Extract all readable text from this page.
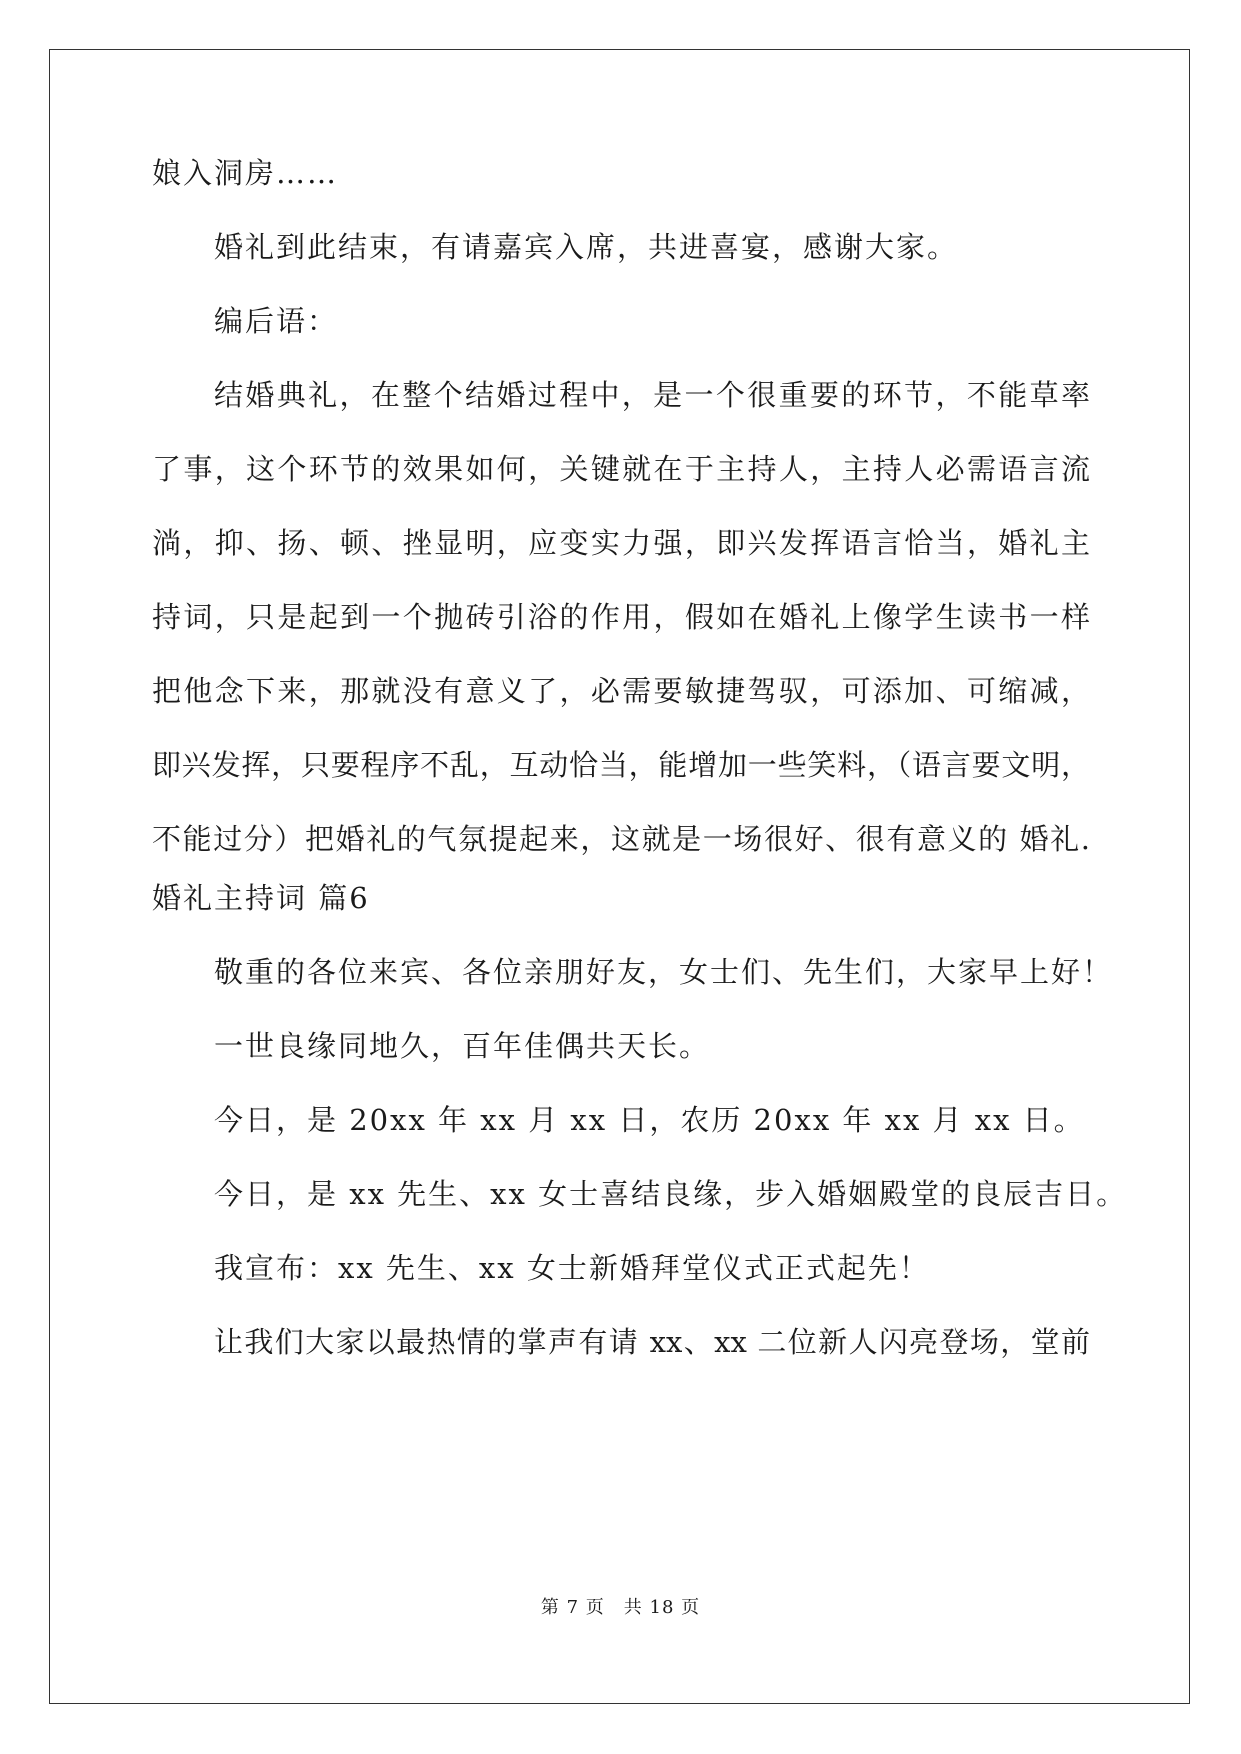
娘入洞房……
婚礼到此结束，有请嘉宾入席，共进喜宴，感谢大家。
编后语：
结婚典礼，在整个结婚过程中，是一个很重要的环节，不能草率
了事，这个环节的效果如何，关键就在于主持人，主持人必需语言流
淌，抑、扬、顿、挫显明，应变实力强，即兴发挥语言恰当，婚礼主
持词，只是起到一个抛砖引浴的作用，假如在婚礼上像学生读书一样
把他念下来，那就没有意义了，必需要敏捷驾驭，可添加、可缩减，
即兴发挥，只要程序不乱，互动恰当，能增加一些笑料，（语言要文明，
不能过分）把婚礼的气氛提起来，这就是一场很好、很有意义的 婚礼.
婚礼主持词 篇6
敬重的各位来宾、各位亲朋好友，女士们、先生们，大家早上好！
一世良缘同地久，百年佳偶共天长。
今日，是 20xx 年 xx 月 xx 日，农历 20xx 年 xx 月 xx 日。
今日，是 xx 先生、xx 女士喜结良缘，步入婚姻殿堂的良辰吉日。
我宣布：xx 先生、xx 女士新婚拜堂仪式正式起先！
让我们大家以最热情的掌声有请 xx、xx 二位新人闪亮登场，堂前
第 7 页　共 18 页
